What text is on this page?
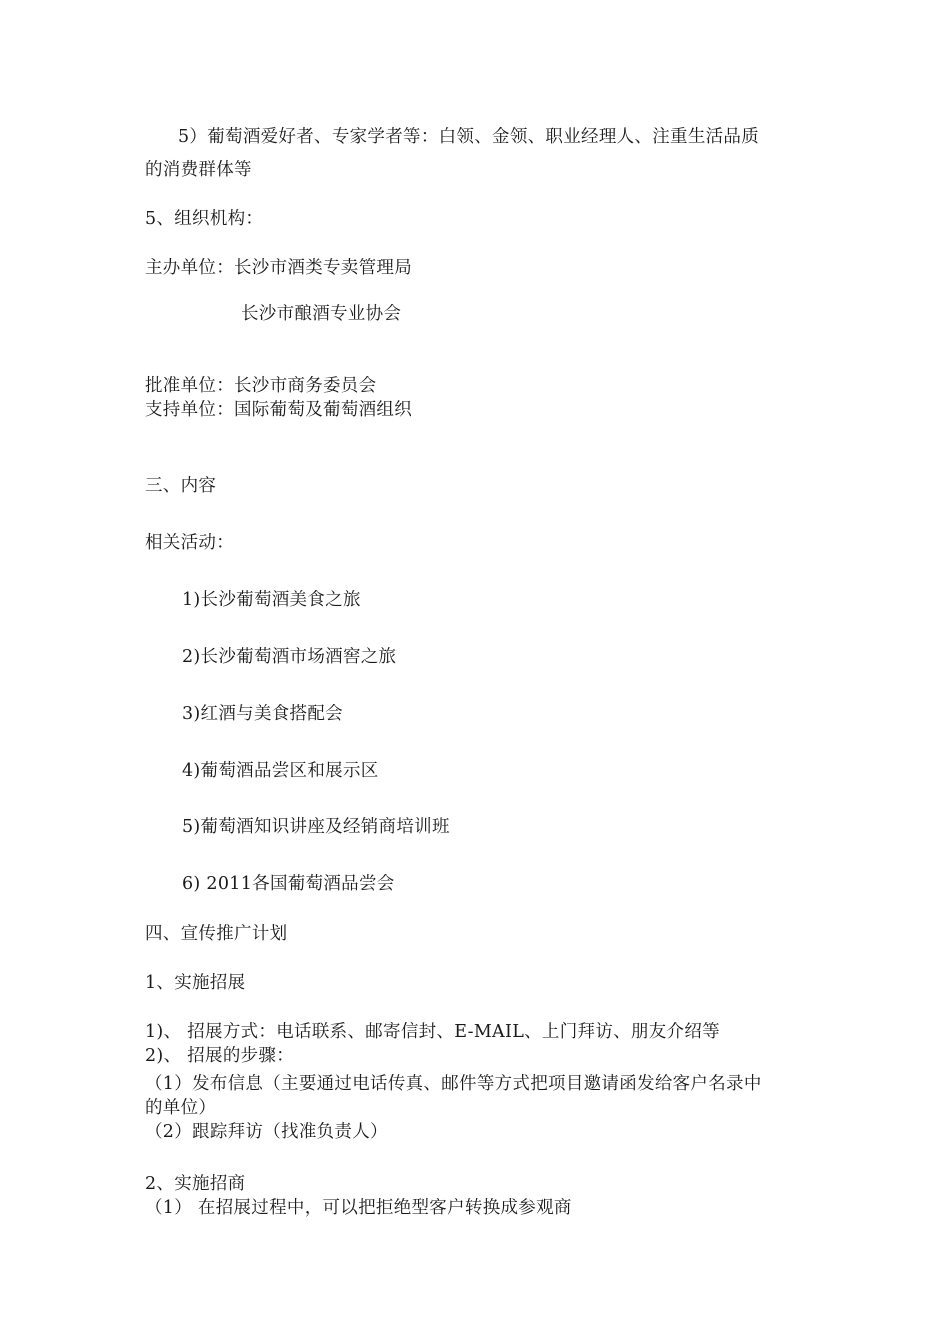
5）葡萄酒爱好者、专家学者等：白领、金领、职业经理人、注重生活品质
的消费群体等
5、组织机构：
主办单位：长沙市酒类专卖管理局
长沙市酿酒专业协会
批准单位：长沙市商务委员会
支持单位：国际葡萄及葡萄酒组织
三、内容
相关活动：
1)长沙葡萄酒美食之旅
2)长沙葡萄酒市场酒窖之旅
3)红酒与美食搭配会
4)葡萄酒品尝区和展示区
5)葡萄酒知识讲座及经销商培训班
6) 2011各国葡萄酒品尝会
四、宣传推广计划
1、实施招展
1)、 招展方式：电话联系、邮寄信封、E-MAIL、上门拜访、朋友介绍等
2)、 招展的步骤：
（1）发布信息（主要通过电话传真、邮件等方式把项目邀请函发给客户名录中
的单位）
（2）跟踪拜访（找准负责人）
2、实施招商
（1） 在招展过程中，可以把拒绝型客户转换成参观商
